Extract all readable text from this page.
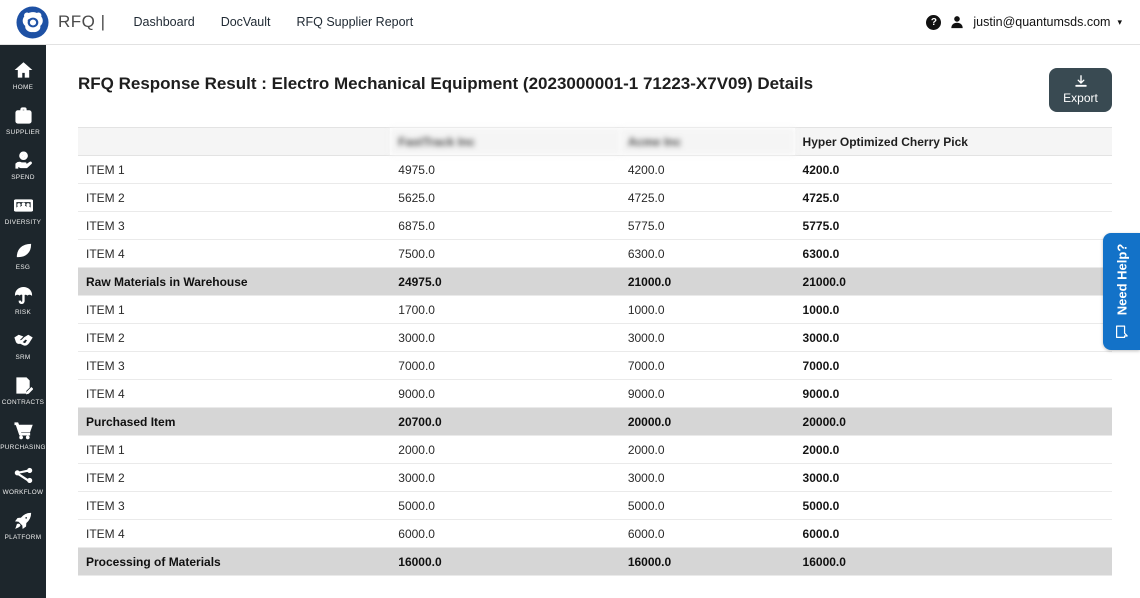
RFQ | Dashboard DocVault RFQ Supplier Report	?	justin@quantumsds.com ▾
HOME
SUPPLIER
SPEND
DIVERSITY
ESG
RISK
SRM
CONTRACTS
PURCHASING
WORKFLOW
PLATFORM
RFQ Response Result : Electro Mechanical Equipment (2023000001-1 71223-X7V09) Details
Export
	FastTrack Inc	Acme Inc	Hyper Optimized Cherry Pick
ITEM 1	4975.0	4200.0	4200.0
ITEM 2	5625.0	4725.0	4725.0
ITEM 3	6875.0	5775.0	5775.0
ITEM 4	7500.0	6300.0	6300.0
Raw Materials in Warehouse	24975.0	21000.0	21000.0
ITEM 1	1700.0	1000.0	1000.0
ITEM 2	3000.0	3000.0	3000.0
ITEM 3	7000.0	7000.0	7000.0
ITEM 4	9000.0	9000.0	9000.0
Purchased Item	20700.0	20000.0	20000.0
ITEM 1	2000.0	2000.0	2000.0
ITEM 2	3000.0	3000.0	3000.0
ITEM 3	5000.0	5000.0	5000.0
ITEM 4	6000.0	6000.0	6000.0
Processing of Materials	16000.0	16000.0	16000.0
Need Help?
